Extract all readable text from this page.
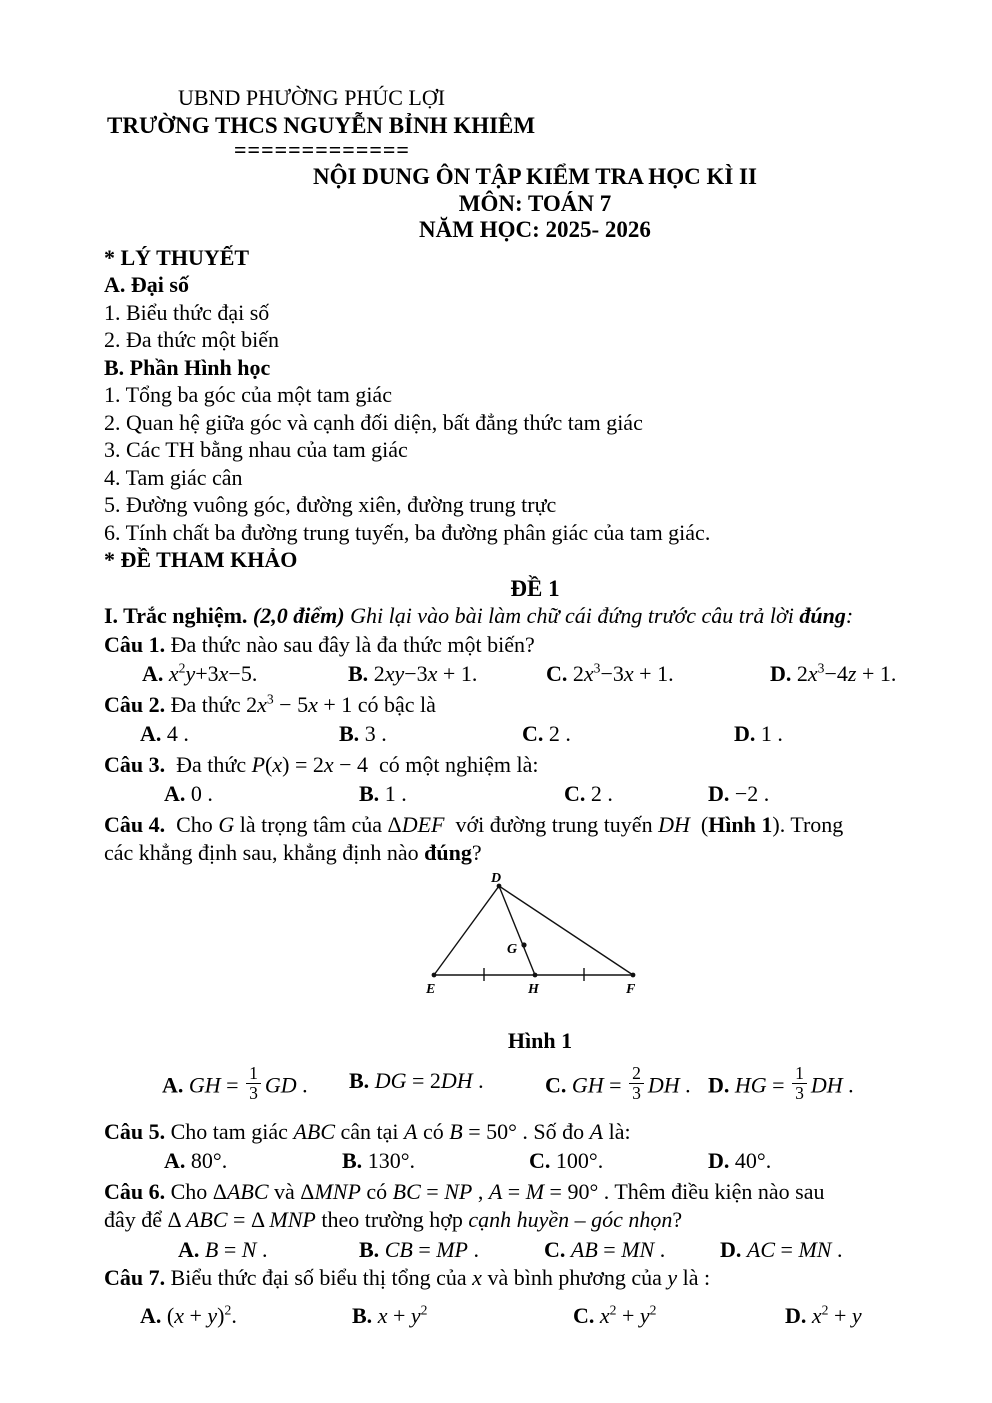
UBND PHƯỜNG PHÚC LỢI
TRƯỜNG THCS NGUYỄN BỈNH KHIÊM
=============
NỘI DUNG ÔN TẬP KIỂM TRA HỌC KÌ II
MÔN: TOÁN 7
NĂM HỌC: 2025- 2026
* LÝ THUYẾT
A. Đại số
1. Biểu thức đại số
2. Đa thức một biến
B. Phần Hình học
1. Tổng ba góc của một tam giác
2. Quan hệ giữa góc và cạnh đối diện, bất đẳng thức tam giác
3. Các TH bằng nhau của tam giác
4. Tam giác cân
5. Đường vuông góc, đường xiên, đường trung trực
6. Tính chất ba đường trung tuyến, ba đường phân giác của tam giác.
* ĐỀ THAM KHẢO
ĐỀ 1
I. Trắc nghiệm. (2,0 điểm) Ghi lại vào bài làm chữ cái đứng trước câu trả lời đúng:
Câu 1. Đa thức nào sau đây là đa thức một biến?
A. $x^2y+3x-5$.	B. 2xy−3x + 1.	C. $2x^3-3x + 1$.	D. $2x^3-4z + 1$.
Câu 2. Đa thức $2x^3 - 5x + 1$ có bậc là
A. 4 .	B. 3 .	C. 2 .	D. 1 .
Câu 3.  Đa thức P(x) = 2x − 4  có một nghiệm là:
A. 0 .	B. 1 .	C. 2 .	D. −2 .
Câu 4.  Cho G là trọng tâm của ΔDEF  với đường trung tuyến DH  (Hình 1). Trong
các khẳng định sau, khẳng định nào đúng?
D
E	H	F
G
Hình 1
A. GH = $\frac{1}{3}$ GD .	B. DG = 2DH .	C. GH = $\frac{2}{3}$ DH . D. HG = $\frac{1}{3}$ DH .
Câu 5. Cho tam giác ABC cân tại A có B = 50° . Số đo A là:
A. 80°.	B. 130°.	C. 100°.	D. 40°.
Câu 6. Cho ΔABC và ΔMNP có BC = NP , A = M = 90° . Thêm điều kiện nào sau
đây để Δ ABC = Δ MNP theo trường hợp cạnh huyền – góc nhọn?
A. B = N .	B. CB = MP .	C. AB = MN .	D. AC = MN .
Câu 7. Biểu thức đại số biểu thị tổng của x và bình phương của y là :
A. $(x + y)^2$.	B. $x + y^2$	C. $x^2 + y^2$	D. $x^2 + y$
